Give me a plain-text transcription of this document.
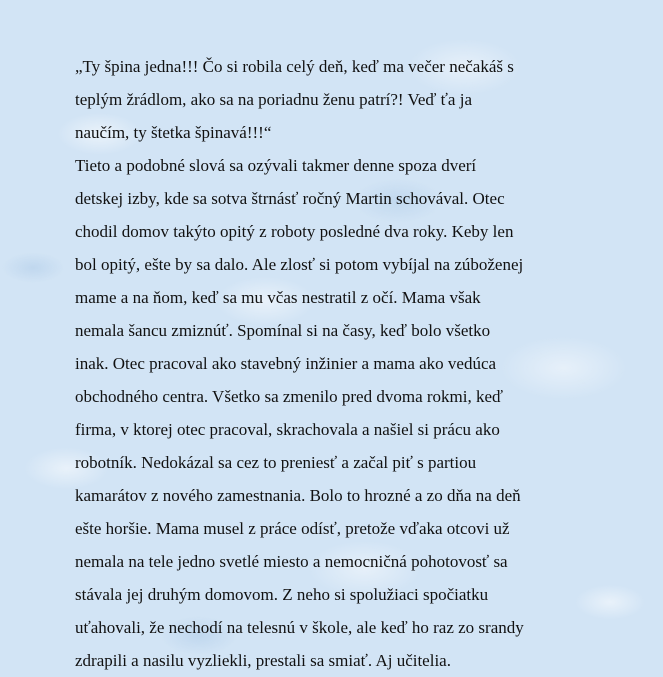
„Ty špina jedna!!! Čo si robila celý deň, keď ma večer nečakáš s
teplým žrádlom, ako sa na poriadnu ženu patrí?! Veď ťa ja
naučím, ty štetka špinavá!!!“

Tieto a podobné slová sa ozývali takmer denne spoza dverí
detskej izby, kde sa sotva štrnásť ročný Martin schovával. Otec
chodil domov takýto opitý z roboty posledné dva roky. Keby len
bol opitý, ešte by sa dalo. Ale zlosť si potom vybíjal na zúboženej
mame a na ňom, keď sa mu včas nestratil z očí. Mama však
nemala šancu zmiznúť. Spomínal si na časy, keď bolo všetko
inak. Otec pracoval ako stavebný inžinier a mama ako vedúca
obchodného centra. Všetko sa zmenilo pred dvoma rokmi, keď
firma, v ktorej otec pracoval, skrachovala a našiel si prácu ako
robotník. Nedokázal sa cez to preniesť a začal piť s partiou
kamarátov z nového zamestnania. Bolo to hrozné a zo dňa na deň
ešte horšie. Mama musel z práce odísť, pretože vďaka otcovi už
nemala na tele jedno svetlé miesto a nemocničná pohotovosť sa
stávala jej druhým domovom. Z neho si spolužiaci spočiatku
uťahovali, že nechodí na telesnú v škole, ale keď ho raz zo srandy
zdrapili a nasilu vyzliekli, prestali sa smiať. Aj učitelia.
